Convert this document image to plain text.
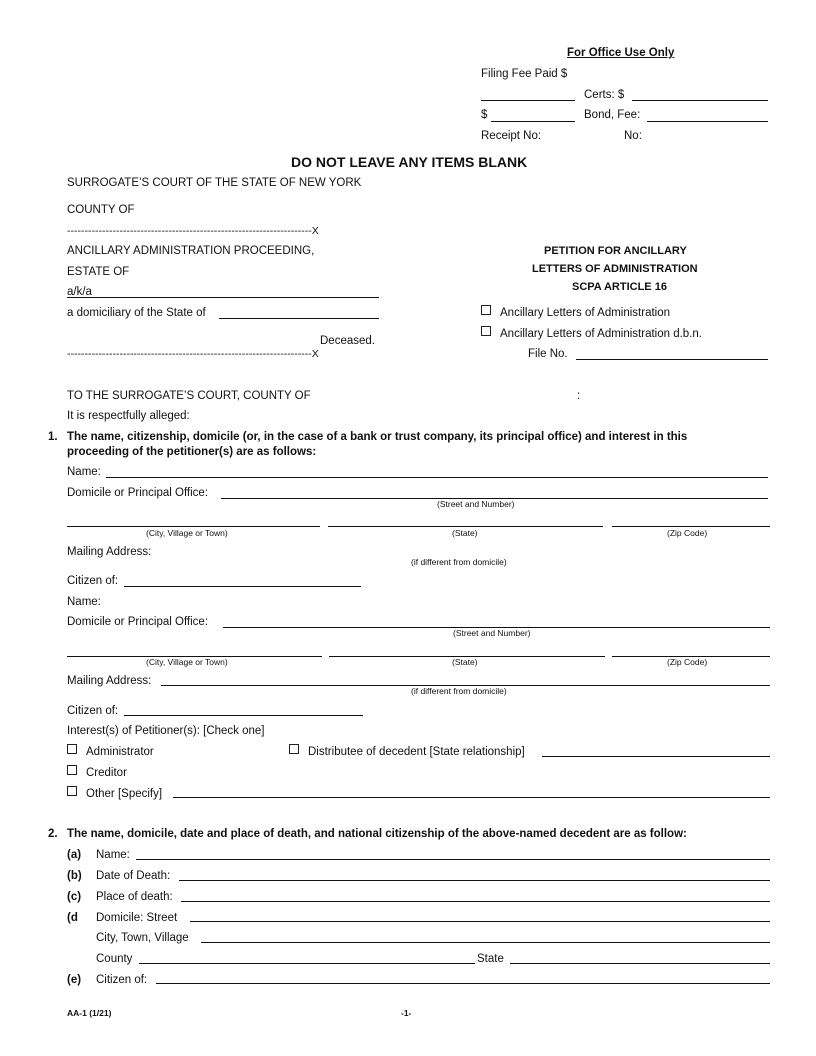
For Office Use Only
Filing Fee Paid $
Certs: $
$	Bond, Fee:
Receipt No:	No:
DO NOT LEAVE ANY ITEMS BLANK
SURROGATE’S COURT OF THE STATE OF NEW YORK
COUNTY OF
----------------------------------------------------------------------X
ANCILLARY ADMINISTRATION PROCEEDING,
ESTATE OF
a/k/a
a domiciliary of the State of
Deceased.
----------------------------------------------------------------------X
PETITION FOR ANCILLARY
LETTERS OF ADMINISTRATION
SCPA ARTICLE 16
Ancillary Letters of Administration
Ancillary Letters of Administration d.b.n.
File No.
TO THE SURROGATE’S COURT, COUNTY OF	:
It is respectfully alleged:
1. The name, citizenship, domicile (or, in the case of a bank or trust company, its principal office) and interest in this
proceeding of the petitioner(s) are as follows:
Name:
Domicile or Principal Office:
(Street and Number)
(City, Village or Town)	(State)	(Zip Code)
Mailing Address:
(if different from domicile)
Citizen of:
Name:
Domicile or Principal Office:
(Street and Number)
(City, Village or Town)	(State)	(Zip Code)
Mailing Address:
(if different from domicile)
Citizen of:
Interest(s) of Petitioner(s): [Check one]
Administrator	Distributee of decedent [State relationship]
Creditor
Other [Specify]
2. The name, domicile, date and place of death, and national citizenship of the above-named decedent are as follow:
(a) Name:
(b) Date of Death:
(c) Place of death:
(d Domicile: Street
City, Town, Village
County	State
(e) Citizen of:
AA-1 (1/21)	-1-
